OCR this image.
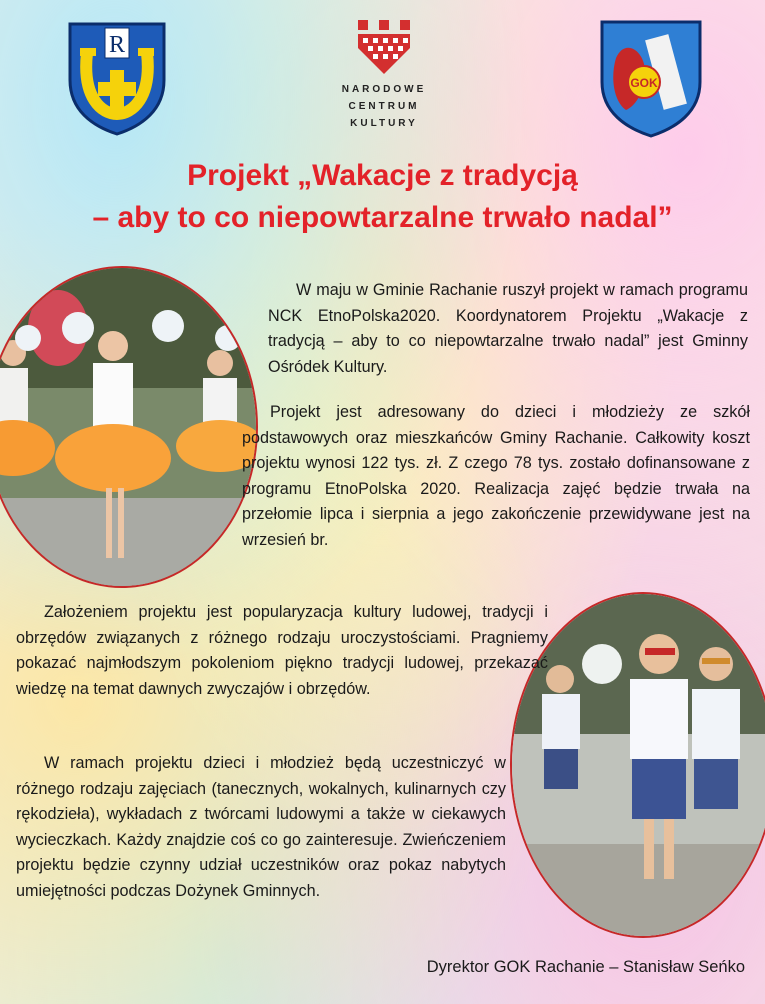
R
NARODOWE
CENTRUM
KULTURY
GOK
Projekt „Wakacje z tradycją
– aby to co niepowtarzalne trwało nadal”

W maju w Gminie Rachanie ruszył projekt w ramach programu NCK EtnoPolska2020. Koordynatorem Projektu „Wakacje z tradycją – aby to co niepowtarzalne trwało nadal” jest Gminny Ośródek Kultury.

Projekt jest adresowany do dzieci i młodzieży ze szkół podstawowych oraz mieszkańców Gminy Rachanie. Całkowity koszt projektu wynosi 122 tys. zł. Z czego 78 tys. zostało dofinansowane z programu EtnoPolska 2020. Realizacja zajęć będzie trwała na przełomie lipca i sierpnia a jego zakończenie przewidywane jest na wrzesień br.

Założeniem projektu jest popularyzacja kultury ludowej, tradycji i obrzędów związanych z różnego rodzaju uroczystościami. Pragniemy pokazać najmłodszym pokoleniom piękno tradycji ludowej, przekazać wiedzę na temat dawnych zwyczajów i obrzędów.

W ramach projektu dzieci i młodzież będą uczestniczyć w różnego rodzaju zajęciach (tanecznych, wokalnych, kulinarnych czy rękodzieła), wykładach z twórcami ludowymi a także w ciekawych wycieczkach. Każdy znajdzie coś co go zainteresuje. Zwieńczeniem projektu będzie czynny udział uczestników oraz pokaz nabytych umiejętności podczas Dożynek Gminnych.

Dyrektor GOK Rachanie – Stanisław Seńko
